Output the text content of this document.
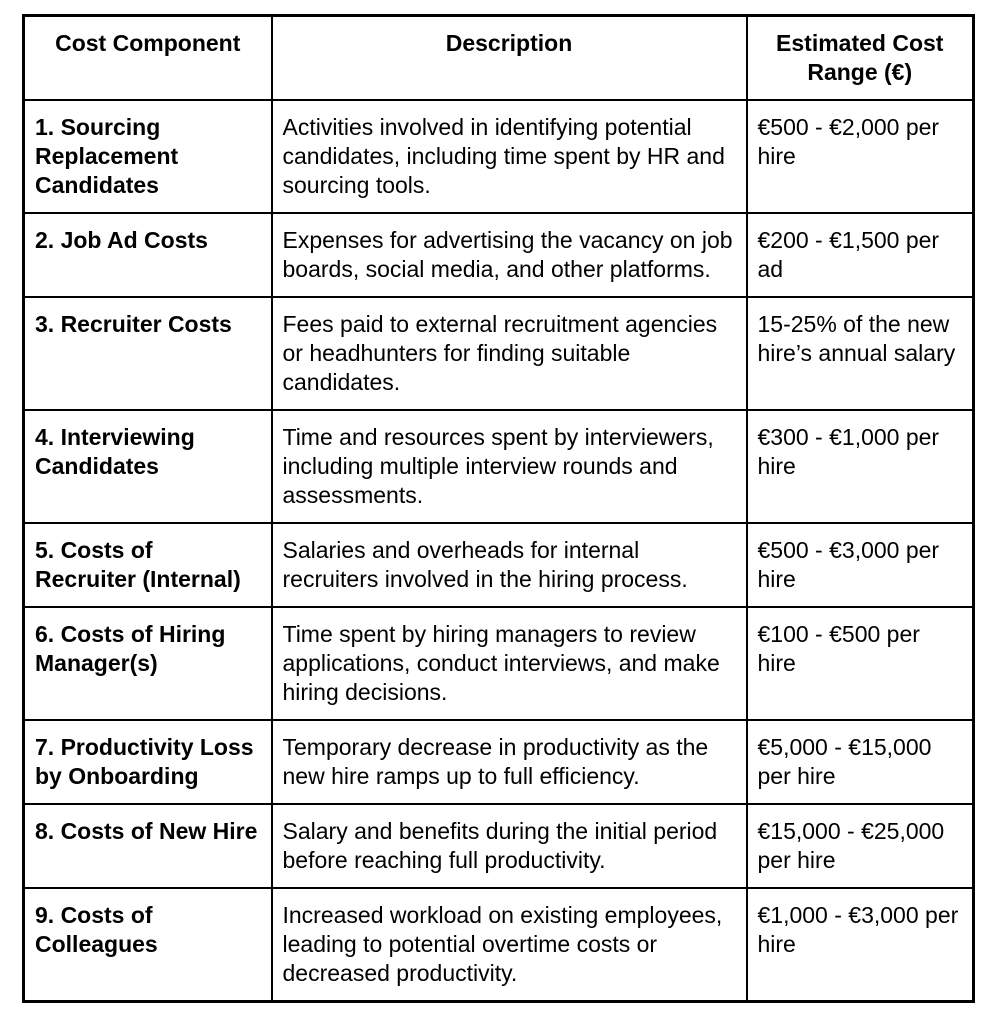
Cost Component	Description	Estimated Cost Range (€)
1. Sourcing Replacement Candidates	Activities involved in identifying potential candidates, including time spent by HR and sourcing tools.	€500 - €2,000 per hire
2. Job Ad Costs	Expenses for advertising the vacancy on job boards, social media, and other platforms.	€200 - €1,500 per ad
3. Recruiter Costs	Fees paid to external recruitment agencies or headhunters for finding suitable candidates.	15-25% of the new hire’s annual salary
4. Interviewing Candidates	Time and resources spent by interviewers, including multiple interview rounds and assessments.	€300 - €1,000 per hire
5. Costs of Recruiter (Internal)	Salaries and overheads for internal recruiters involved in the hiring process.	€500 - €3,000 per hire
6. Costs of Hiring Manager(s)	Time spent by hiring managers to review applications, conduct interviews, and make hiring decisions.	€100 - €500 per hire
7. Productivity Loss by Onboarding	Temporary decrease in productivity as the new hire ramps up to full efficiency.	€5,000 - €15,000 per hire
8. Costs of New Hire	Salary and benefits during the initial period before reaching full productivity.	€15,000 - €25,000 per hire
9. Costs of Colleagues	Increased workload on existing employees, leading to potential overtime costs or decreased productivity.	€1,000 - €3,000 per hire
